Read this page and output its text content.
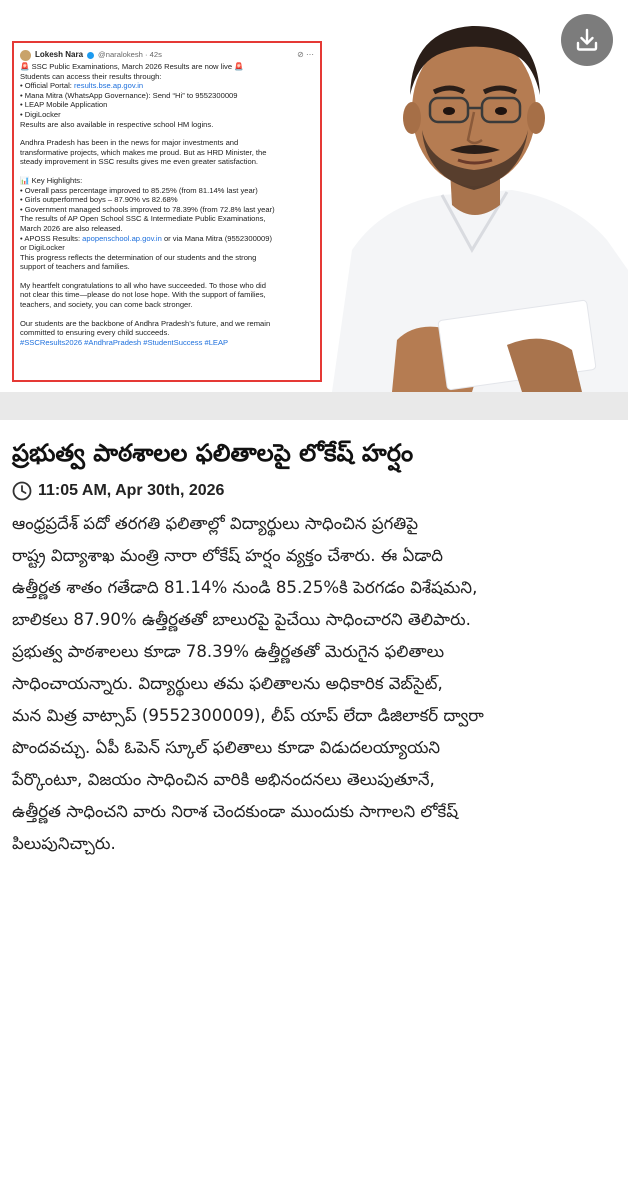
Lokesh Nara @naralokesh · 42s	⊘ ⋯
🚨 SSC Public Examinations, March 2026 Results are now live 🚨
Students can access their results through:
• Official Portal: results.bse.ap.gov.in
• Mana Mitra (WhatsApp Governance): Send “Hi” to 9552300009
• LEAP Mobile Application
• DigiLocker
Results are also available in respective school HM logins.
Andhra Pradesh has been in the news for major investments and
transformative projects, which makes me proud. But as HRD Minister, the
steady improvement in SSC results gives me even greater satisfaction.
📊 Key Highlights:
• Overall pass percentage improved to 85.25% (from 81.14% last year)
• Girls outperformed boys – 87.90% vs 82.68%
• Government managed schools improved to 78.39% (from 72.8% last year)
The results of AP Open School SSC & Intermediate Public Examinations,
March 2026 are also released.
• APOSS Results: apopenschool.ap.gov.in or via Mana Mitra (9552300009)
or DigiLocker
This progress reflects the determination of our students and the strong
support of teachers and families.
My heartfelt congratulations to all who have succeeded. To those who did
not clear this time—please do not lose hope. With the support of families,
teachers, and society, you can come back stronger.
Our students are the backbone of Andhra Pradesh’s future, and we remain
committed to ensuring every child succeeds.
#SSCResults2026 #AndhraPradesh #StudentSuccess #LEAP
ప్రభుత్వ పాఠశాలల ఫలితాలపై లోకేష్ హర్షం
11:05 AM, Apr 30th, 2026
ఆంధ్రప్రదేశ్ పదో తరగతి ఫలితాల్లో విద్యార్థులు సాధించిన ప్రగతిపై
రాష్ట్ర విద్యాశాఖ మంత్రి నారా లోకేష్ హర్షం వ్యక్తం చేశారు. ఈ ఏడాది
ఉత్తీర్ణత శాతం గతేడాది 81.14% నుండి 85.25%కి పెరగడం విశేషమని,
బాలికలు 87.90% ఉత్తీర్ణతతో బాలురపై పైచేయి సాధించారని తెలిపారు.
ప్రభుత్వ పాఠశాలలు కూడా 78.39% ఉత్తీర్ణతతో మెరుగైన ఫలితాలు
సాధించాయన్నారు. విద్యార్థులు తమ ఫలితాలను అధికారిక వెబ్‌సైట్,
మన మిత్ర వాట్సాప్ (9552300009), లీప్ యాప్ లేదా డిజిలాకర్ ద్వారా
పొందవచ్చు. ఏపీ ఓపెన్ స్కూల్ ఫలితాలు కూడా విడుదలయ్యాయని
పేర్కొంటూ, విజయం సాధించిన వారికి అభినందనలు తెలుపుతూనే,
ఉత్తీర్ణత సాధించని వారు నిరాశ చెందకుండా ముందుకు సాగాలని లోకేష్
పిలుపునిచ్చారు.
